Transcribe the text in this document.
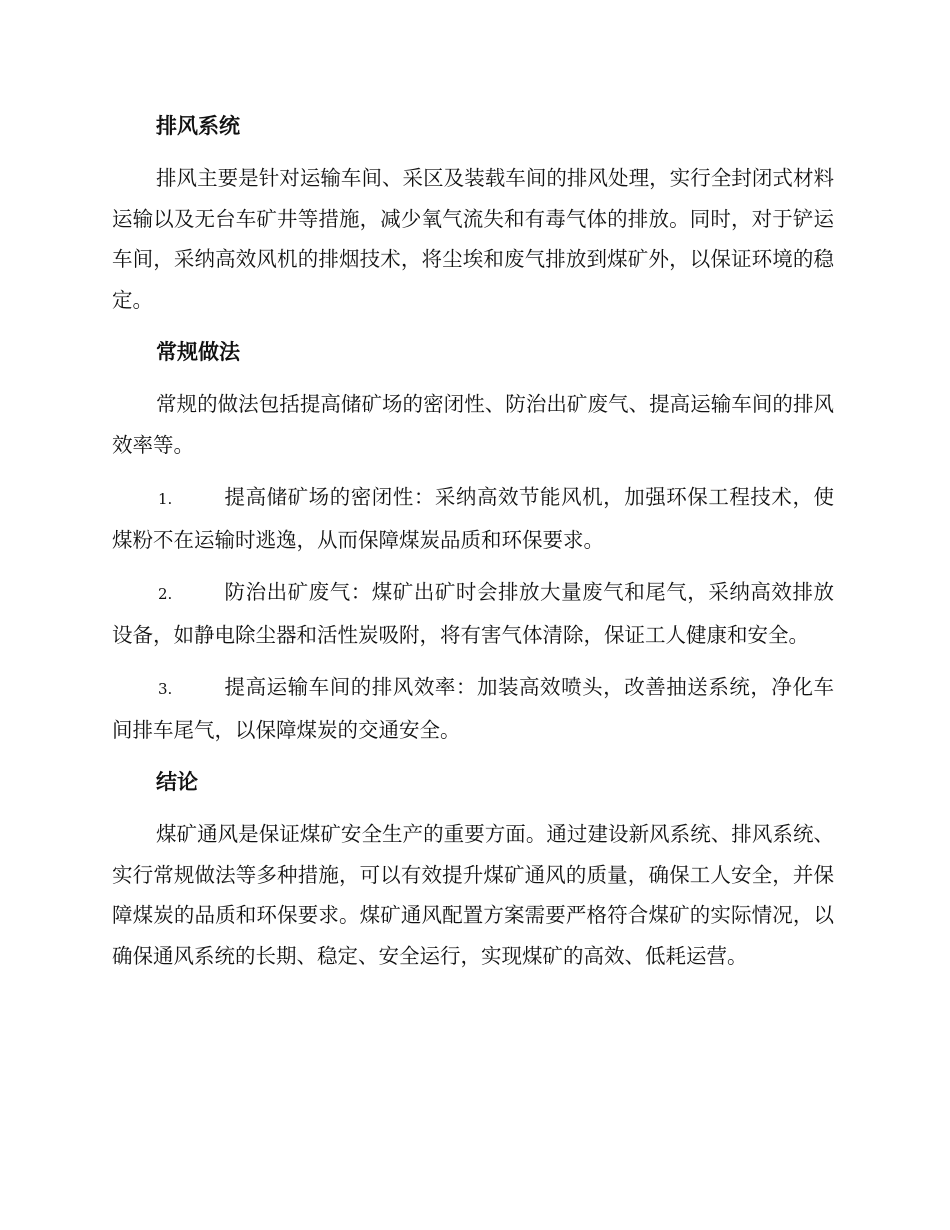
排风系统

排风主要是针对运输车间、采区及装载车间的排风处理，实行全封闭式材料运输以及无台车矿井等措施，减少氧气流失和有毒气体的排放。同时，对于铲运车间，采纳高效风机的排烟技术，将尘埃和废气排放到煤矿外，以保证环境的稳定。

常规做法

常规的做法包括提高储矿场的密闭性、防治出矿废气、提高运输车间的排风效率等。

1.	提高储矿场的密闭性：采纳高效节能风机，加强环保工程技术，使煤粉不在运输时逃逸，从而保障煤炭品质和环保要求。
2.	防治出矿废气：煤矿出矿时会排放大量废气和尾气，采纳高效排放设备，如静电除尘器和活性炭吸附，将有害气体清除，保证工人健康和安全。
3.	提高运输车间的排风效率：加装高效喷头，改善抽送系统，净化车间排车尾气，以保障煤炭的交通安全。
结论

煤矿通风是保证煤矿安全生产的重要方面。通过建设新风系统、排风系统、实行常规做法等多种措施，可以有效提升煤矿通风的质量，确保工人安全，并保障煤炭的品质和环保要求。煤矿通风配置方案需要严格符合煤矿的实际情况，以确保通风系统的长期、稳定、安全运行，实现煤矿的高效、低耗运营。
